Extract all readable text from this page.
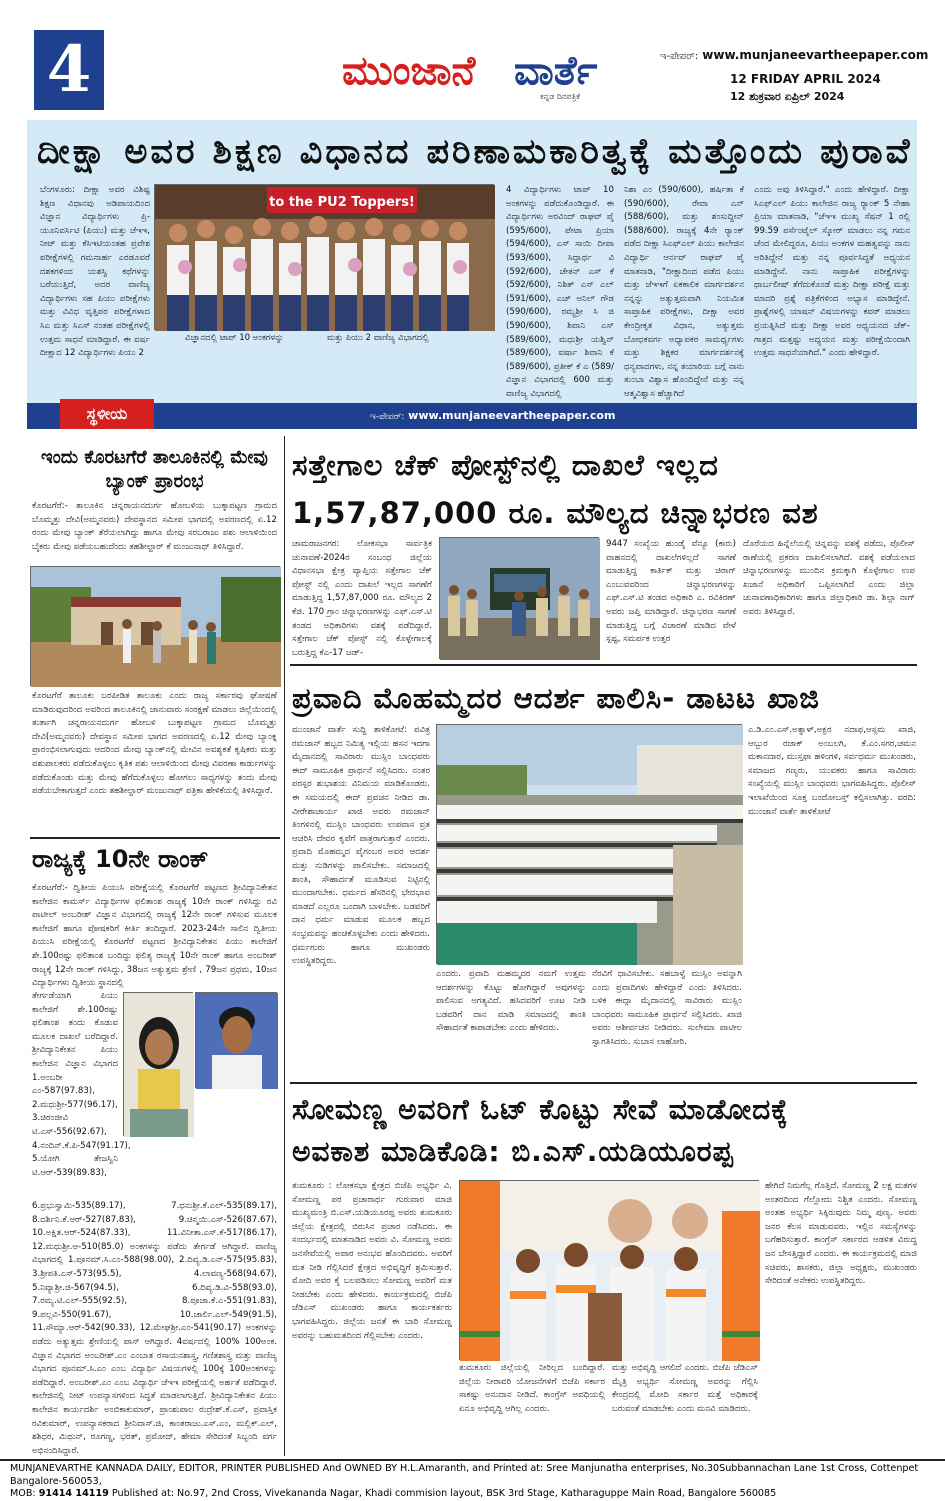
4	ಮುಂಜಾನೆ ವಾರ್ತೆ
ಕನ್ನಡ ದಿನಪತ್ರಿಕೆ
ಇ-ಪೇಪರ್: www.munjaneevartheepaper.com
12 FRIDAY APRIL 2024
12 ಶುಕ್ರವಾರ ಏಪ್ರಿಲ್ 2024
ದೀಕ್ಷಾ ಅವರ ಶಿಕ್ಷಣ ವಿಧಾನದ ಪರಿಣಾಮಕಾರಿತ್ವಕ್ಕೆ ಮತ್ತೊಂದು ಪುರಾವೆ
ಬೆಂಗಳೂರು: ದೀಕ್ಷಾ ಅವರ ವಿಶಿಷ್ಟ ಶಿಕ್ಷಣ ವಿಧಾನವು ಅಡಿಪಾಯದಿಂದ ವಿಜ್ಞಾನ ವಿದ್ಯಾರ್ಥಿಗಳು ಪ್ರಿ-ಯೂನಿವರ್ಸಿಟಿ (ಪಿಯು) ಮತ್ತು ಜೆಇಇ, ನೀಟ್ ಮತ್ತು ಕೆಸಿಇಟಿಯಂತಹ ಪ್ರವೇಶ ಪರೀಕ್ಷೆಗಳಲ್ಲಿ ಗಮನಾರ್ಹ ಎರಡೂವರೆ ದಶಕಗಳಿಂದ ಯಶಸ್ವಿ ಕಥೆಗಳನ್ನು ಬರೆಯುತ್ತಿದೆ, ಅದರ ವಾಣಿಜ್ಯ ವಿದ್ಯಾರ್ಥಿಗಳು ಸಹ ಪಿಯು ಪರೀಕ್ಷೆಗಳು ಮತ್ತು ವಿವಿಧ ವೃತ್ತಿಪರ ಪರೀಕ್ಷೆಗಳಾದ ಸಿಎ ಮತ್ತು ಸಿಎಸ್ ನಂತಹ ಪರೀಕ್ಷೆಗಳಲ್ಲಿ ಉತ್ತಮ ಸಾಧನೆ ಮಾಡಿದ್ದಾರೆ. ಈ ವರ್ಷ ದೀಕ್ಷಾದ 12 ವಿದ್ಯಾರ್ಥಿಗಳು ಪಿಯು 2
to the PU2 Toppers!
ವಿಜ್ಞಾನದಲ್ಲಿ ಟಾಪ್ 10 ಅಂಕಗಳನ್ನು	ಮತ್ತು ಪಿಯು 2 ವಾಣಿಜ್ಯ ವಿಭಾಗದಲ್ಲಿ
4 ವಿದ್ಯಾರ್ಥಿಗಳು ಟಾಪ್ 10 ಅಂಕಗಳನ್ನು ಪಡೆದುಕೊಂಡಿದ್ದಾರೆ. ಈ ವಿದ್ಯಾರ್ಥಿಗಳು ಅರವಿಂದ್ ರಾಘವ್ ಪೈ (595/600), ಪೇಟಾ ಪ್ರಿಯಾ (594/600), ಎಸ್ ಸಾಯಿ ದೀಪಾ (593/600), ಸಿದ್ದಾರ್ಥ ವಿ (592/600), ಚೇತನ್ ಎಸ್ ಕೆ (592/600), ನಿಶಿತ್ ಎಸ್ ಎಲ್ (591/600), ಎಚ್ ಅನಿಲ್ ಗೌಡ (590/600), ರಮ್ಯಶ್ರೀ ಸಿ ಜಿ (590/600), ಶಿವಾನಿ ಎಸ್ (589/600), ಮಧುಶ್ರೀ ಯಶ್ವಿನ್ (589/600), ವರ್ಷಾ ಶಿವಾನಿ ಕೆ (589/600), ಪ್ರತೀಕ್ ಕೆ ಎ (589/ ವಿಜ್ಞಾನ ವಿಭಾಗದಲ್ಲಿ 600 ಮತ್ತು ವಾಣಿಜ್ಯ ವಿಭಾಗದಲ್ಲಿ
ನಿಶಾ ಎಂ (590/600), ಹರ್ಷಿತಾ ಕೆ (590/600), ರೇವಾ ಎನ್ (588/600), ಮತ್ತು ಶಂಸುದ್ದೀನ್ (588/600). ರಾಜ್ಯಕ್ಕೆ 4ನೇ ರ‍್ಯಾಂಕ್ ಪಡೆದ ದೀಕ್ಷಾ ಸಿಎಫ್ಎಲ್ ಪಿಯು ಕಾಲೇಜಿನ ವಿದ್ಯಾರ್ಥಿ ಆರ್ನವ್ ರಾಘವ್ ಪೈ ಮಾತನಾಡಿ, "ದೀಕ್ಷಾದಿಂದ ಪಡೆದ ಪಿಯು ಮತ್ತು ಜೆಇಇಗೆ ಏಕಕಾಲಿಕ ಮಾರ್ಗದರ್ಶನ ನನ್ನನ್ನು ಅತ್ಯುತ್ತಮವಾಗಿ ನಿಯಮಿತ ಸಾಪ್ತಾಹಿಕ ಪರೀಕ್ಷೆಗಳು, ದೀಕ್ಷಾ ಅವರ ಕೇಂದ್ರೀಕೃತ ವಿಧಾನ, ಅತ್ಯುತ್ತಮ ಬೋಧಕವರ್ಗ ಅಧ್ಯಾಪಕರ ಸಾಮರ್ಥ್ಯಗಳು ಮತ್ತು ಶಿಕ್ಷಕರ ಮಾರ್ಗದರ್ಶನಕ್ಕೆ ಧನ್ಯವಾದಗಳು, ನನ್ನ ತಯಾರಿಯ ಬಗ್ಗೆ ನಾನು ತುಂಬಾ ವಿಶ್ವಾಸ ಹೊಂದಿದ್ದೇನೆ ಮತ್ತು ನನ್ನ ಆತ್ಮವಿಶ್ವಾಸ ಹೆಚ್ಚಾಗಿದೆ
ಎಂದು ಅವು ತಿಳಿಸಿದ್ದಾರೆ." ಎಂದು ಹೇಳಿದ್ದಾರೆ. ದೀಕ್ಷಾ ಸಿಎಫ್ಎಲ್ ಪಿಯು ಕಾಲೇಜಿನ ರಾಜ್ಯ ರ‍್ಯಾಂಕ್ 5 ನೇಹಾ ಪ್ರಿಯಾ ಮಾತನಾಡಿ, "ಜೆಇಇ ಮುಖ್ಯ ಸೆಷನ್ 1 ರಲ್ಲಿ 99.59 ಪರ್ಸೆಂಟೈಲ್ ಸ್ಕೋರ್ ಮಾಡಲು ನನ್ನ ಗಮನ ಚೆಂದ ಮೇಲಿದ್ದರೂ, ಪಿಯು ಅಂಕಗಳ ಮಹತ್ವವನ್ನು ನಾನು ಅರಿತಿದ್ದೇನೆ ಮತ್ತು ನನ್ನ ಪೂರ್ವಸಿದ್ಧತೆ ಅಧ್ಯಯನ ಮಾಡಿದ್ದೇನೆ. ನಾನು ಸಾಪ್ತಾಹಿಕ ಪರೀಕ್ಷೆಗಳನ್ನು ಥಾರ್ಬಲೀಷ್ ತೆಗೆದುಕೊಂಡೆ ಮತ್ತು ದೀಕ್ಷಾ ಪರೀಕ್ಷೆ ಮತ್ತು ಮಾದರಿ ಪ್ರಶ್ನೆ ಪತ್ರಿಕೆಗಳಿಂದ ಅಭ್ಯಾಸ ಮಾಡಿದ್ದೇನೆ. ಪ್ರಾಶ್ನೆಗಳಲ್ಲಿ ಯಾಷನ್ ವಿಷಯಗಳನ್ನು ಕವರ್ ಮಾಡಲು ಪ್ರಯತ್ನಿಸಿದೆ ಮತ್ತು ದೀಕ್ಷಾ ಅವರ ಅಧ್ಯಯನದ ಚೆಕ್-ಗಾತ್ರದ ಮತ್ತಷ್ಟು ಅಧ್ಯಯನ ಮತ್ತು ಪರೀಕ್ಷೆಯಿಂದಾಗಿ ಉತ್ತಮ ಸಾಧನೆಯಾಗಿದೆ." ಎಂದು ಹೇಳಿದ್ದಾರೆ.
ಸ್ಥಳೀಯ	ಇ-ಪೇಪರ್: www.munjaneevartheepaper.com
ಇಂದು ಕೊರಟಗೆರೆ ತಾಲೂಕಿನಲ್ಲಿ ಮೇವು ಬ್ಯಾಂಕ್ ಪ್ರಾರಂಭ
ಕೊರಟಗೆರೆ:- ತಾಲೂಕಿನ ಚನ್ನರಾಯನದುರ್ಗ ಹೋಬಳಿಯ ಬುಕ್ಕಾಪಟ್ಟಣ ಗ್ರಾಮದ ಬೊಮ್ಮತ್ತು ದೇವಿ(ಅಮ್ಮನವರು) ದೇವಸ್ಥಾನದ ಸಮೀಪ ಭಾಗದಲ್ಲಿ ಅವರಣದಲ್ಲಿ ಏ.12 ರಂದು ಮೇವು ಬ್ಯಾಂಕ್ ತೆರೆಯಲಾಗಿದ್ದು ಹಾಗೂ ಮೇವು ಸರಬರಾಜು ಪಶು ಆಲಾಳಿಯಿಂದ ಬೈಕರು ಮೇವು ಪಡೆಯಬಹುದೆಂದು ತಹಶೀಲ್ದಾರ್ ಕೆ ಮಂಜುನಾಥ್ ತಿಳಿಸಿದ್ದಾರೆ.
ಕೊರಟಗೆರೆ ತಾಲೂಕು ಬರಪೀಡಿತ ತಾಲೂಕು ಎಂದು ರಾಜ್ಯ ಸರ್ಕಾರವು ಘೋಷಣೆ ಮಾಡಿರುವುದರಿಂದ ಅವರಿಂದ ತಾಲೂಕಿನಲ್ಲಿ ಜಾನುವಾರು ಸಂರಕ್ಷಣೆ ಮಾಡಲು ಜಿಲ್ಲೆಯಿಂದಲ್ಲಿ ತುರ್ತಾಗಿ ಚನ್ನರಾಯನದುರ್ಗ ಹೋಬಳಿ ಬುಕ್ಕಾಪಟ್ಟಣ ಗ್ರಾಮದ ಬೊಮ್ಮತ್ತು ದೇವಿ(ಅಮ್ಮನವರು) ದೇವಸ್ಥಾನ ಸಮೀಪ ಭಾಗದ ಅವರಣದಲ್ಲಿ ಏ.12 ಮೇವು ಬ್ಯಾಂಕ್ನ ಪ್ರಾರಂಭಿಸಲಾಗುವುದು ಆದರಿಂದ ಮೇವು ಬ್ಯಾಂಕ್‌ನಲ್ಲಿ ಮೇವಿನ ಅವಶ್ಯಕತೆ ಕೃಷಿಕರು ಮತ್ತು ಪಶುಪಾಲಕರು ಪಡೆದುಕೊಳ್ಳಲು ಕೃತಿಕ ಪಶು ಆಲಾಳಿಯಿಂದ ಮೇವು ವಿವರಣಾ ಕಾರ್ಡುಗಳನ್ನು ಪಡೆದುಕೊಂಡು ಮತ್ತು ಮೇವು ಹೆಗೆದುಕೊಳ್ಳಲು ಹೋಗಲು ಸಾಧ್ಯಗಳನ್ನು ತಂದು ಮೇವು ಪಡೆಯಬೇಕಾಗುತ್ತದೆ ಎಂದು ತಹಶೀಲ್ದಾರ್ ಮಂಜುನಾಥ್ ಪತ್ರಿಕಾ ಹೇಳಿಕೆಯಲ್ಲಿ ತಿಳಿಸಿದ್ದಾರೆ.
ರಾಜ್ಯಕ್ಕೆ 10ನೇ ರಾಂಕ್
ಕೊರಟಗೆರೆ:- ದ್ವಿತೀಯ ಪಿಯುಸಿ ಪರೀಕ್ಷೆಯಲ್ಲಿ ಕೊರಟಗೆರೆ ಪಟ್ಟಣದ ಶ್ರೀವಿದ್ಯಾನಿಕೇತನ ಕಾಲೇಜಿನ ಕಾಮರ್ಸ್ ವಿದ್ಯಾರ್ಥಿಗಳ ಫಲಿತಾಂಶ ರಾಜ್ಯಕ್ಕೆ 10ನೇ ರಾಂಕ್ ಗಳಿಸಿದ್ದು ರವಿ ಪಾಟೀಲ್ ಅಂಬರೀಶ್ ವಿಜ್ಞಾನ ವಿಭಾಗದಲ್ಲಿ ರಾಜ್ಯಕ್ಕೆ 12ನೇ ರಾಂಕ್ ಗಳಿಸುವ ಮೂಲಕ ಕಾಲೇಜಿಗೆ ಹಾಗೂ ಪೋಷಕರಿಗೆ ಕೀರ್ತಿ ತಂದಿದ್ದಾರೆ. 2023-24ನೇ ಸಾಲಿನ ದ್ವಿತೀಯ ಪಿಯುಸಿ ಪರೀಕ್ಷೆಯಲ್ಲಿ ಕೊರಟಗೆರೆ ಪಟ್ಟಣದ ಶ್ರೀವಿದ್ಯಾನಿಕೇತನ ಪಿಯು ಕಾಲೇಜಿಗೆ ಶೇ.100ರಷ್ಟು ಫಲಿತಾಂಶ ಬಂದಿದ್ದು ಫಲಿತ್ಯ ರಾಜ್ಯಕ್ಕೆ 10ನೇ ರಾಂಕ್ ಹಾಗೂ ಅಂಬರೀಶ್ ರಾಜ್ಯಕ್ಕೆ 12ನೇ ರಾಂಕ್ ಗಳಿಸಿದ್ದು, 38ಜನ ಅತ್ಯುತ್ತಮ ಶ್ರೇಣಿ , 79ಜನ ಪ್ರಥಮ, 10ಜನ ವಿದ್ಯಾರ್ಥಿಗಳು ದ್ವಿತೀಯ ಸ್ಥಾನದಲ್ಲಿ
ತೇರ್ಗಡೆಯಾಗಿ ಪಿಯು ಕಾಲೇಜಿಗೆ ಶೇ.100ರಷ್ಟು ಫಲಿತಾಂಶ ತಂದು ಕೊಡುವ ಮೂಲಕ ದಾಖಲೆ ಬರೆದಿದ್ದಾರೆ. ಶ್ರೀವಿದ್ಯಾನಿಕೇತನ ಪಿಯು ಕಾಲೇಜಿನ ವಿಜ್ಞಾನ ವಿಭಾಗದ 1.ಅಂಬರೀ ಎಂ-587(97.83), 2.ಮಧುಶ್ರೀ-577(96.17), 3.ಚಿರಂಜೀವಿ ಟಿ.ಎಸ್-556(92.67), 4.ನಂದಿನ್.ಕೆ.ಪಿ-547(91.17), 5.ಯೋಗಿ ತೇಜಸ್ವಿನಿ ಟಿ.ಆರ್-539(89.83),
6.ಪ್ರಭುಸ್ವಾಮಿ-535(89.17), 7.ಧನುಶ್ರೀ.ಕೆ.ಎಲ್-535(89.17), 8.ದರ್ಶಿನಿ.ಕೆ.ಆರ್-527(87.83), 9.ಚಿನ್ಮಯಿ.ಎಸ್-526(87.67), 10.ಅಕ್ಷಿತ.ಆರ್-524(87.33), 11.ವಿನೀತಾ.ಎಸ್.ಕೆ-517(86.17), 12.ಮಧುಶ್ರೀ.ಆ-510(85.0) ಅಂಕಗಳನ್ನು ಪಡೆದು ತೇರ್ಗಡೆ ಆಗಿದ್ದಾರೆ. ವಾಣಿಜ್ಯ ವಿಭಾಗದಲ್ಲಿ 1.ಪೂನಮ್.ಸಿ.ಎಂ-588(98.00), 2.ದಿವ್ಯ.ಡಿ.ಎನ್-575(95.83), 3.ಶ್ರೀಪತಿ.ಎಸ್-573(95.5), 4.ಲಾವಣ್ಯ-568(94.67), 5.ನಿವ್ಯಾಶ್ರೀ.ಜಿ-567(94.5), 6.ದಿವ್ಯ.ಡಿ.ವಿ-558(93.0), 7.ರಮ್ಯ.ಟಿ.ಎಲ್-555(92.5), 8.ಪೂಜಾ.ಕೆ.ಎ-551(91.83), 9.ಪಲ್ಲವಿ-550(91.67), 10.ಚಾರ್ಲಿ.ಎಲ್-549(91.5), 11.ಸೌಮ್ಯಾ.ಆರ್-542(90.33), 12.ಮೇಘಶ್ರೀ.ಎಂ-541(90.17) ಅಂಕಗಳನ್ನು ಪಡೆದು ಅತ್ಯುತ್ತಮ ಶ್ರೇಣಿಯಲ್ಲಿ ಪಾಸ್ ಆಗಿದ್ದಾರೆ. 4ವರ್ಷದಲ್ಲಿ 100% 100ಅಂಕ. ವಿಜ್ಞಾನ ವಿಭಾಗದ ಅಂಬರೀಶ್.ಎಂ ಎಂಬಾತ ರಸಾಯನಶಾಸ್ತ್ರ, ಗಣಿತಶಾಸ್ತ್ರ ಮತ್ತು ವಾಣಿಜ್ಯ ವಿಭಾಗದ ಪೂನಮ್.ಸಿ.ಎಂ ಎಂಬ ವಿದ್ಯಾರ್ಥಿ ವಿಷಯಗಳಲ್ಲಿ 100ಕ್ಕೆ 100ಅಂಕಗಳನ್ನು ಪಡೆದಿದ್ದಾರೆ. ಅಂಬರೀಶ್.ಎಂ ಎಂಬ ವಿದ್ಯಾರ್ಥಿ ಜೆಇಇ ಪರೀಕ್ಷೆಯಲ್ಲಿ ಅರ್ಹತೆ ಪಡೆದಿದ್ದಾರೆ. ಕಾಲೇಜಿನಲ್ಲಿ ನೀಟ್ ಉಪನ್ಯಾಸಗಳಿಂದ ಸಿದ್ಧತೆ ಮಾಡಲಾಗುತ್ತಿದೆ. ಶ್ರೀವಿದ್ಯಾನಿಕೇತನ ಪಿಯು ಕಾಲೇಜಿನ ಕಾರ್ಯದರ್ಶಿ ಅಂಬಿಕಾಕುಮಾರ್, ಪ್ರಾಂಶುಪಾಲ ರುದ್ರೇಶ್.ಕೆ.ಎಸ್, ಪ್ರವಾಸ್ತಿಕ ರವಿಕುಮಾರ್, ಉಪನ್ಯಾಸಕರಾದ ಶ್ರೀನಿವಾಸ್.ಜಿ, ಕಾಂತರಾಜು.ಎಸ್.ಎಂ, ಮಲ್ಲಿಕ್.ಎಲ್, ಶಶಿಧರ, ಮಿಥುನ್, ರೂಗಣ್ಣ, ಭರತ್, ಪ್ರಮೋದ್, ಹೇಮಾ ಸೇರಿದಂತೆ ಸಿಬ್ಬಂದಿ ವರ್ಗ ಅಭಿನಂದಿಸಿದ್ದಾರೆ.
ಸತ್ತೇಗಾಲ ಚೆಕ್ ಪೋಸ್ಟ್‌ನಲ್ಲಿ ದಾಖಲೆ ಇಲ್ಲದ
1,57,87,000 ರೂ. ಮೌಲ್ಯದ ಚಿನ್ನಾಭರಣ ವಶ
ಚಾಮರಾಜನಗರ: ಲೋಕಸಭಾ ಸಾರ್ವತ್ರಿಕ ಚುನಾವಣೆ-2024ರ ಸಂಬಂಧ ಜಿಲ್ಲೆಯ ವಿಧಾನಸಭಾ ಕ್ಷೇತ್ರ ವ್ಯಾಪ್ತಿಯ ಸತ್ತೇಗಾಲ ಚೆಕ್ ಪೋಸ್ಟ್ ನಲ್ಲಿ ಎಂದು ದಾಖಲೆ ಇಲ್ಲದ ಸಾಗಣೆಗೆ ಮಾಡುತ್ತಿದ್ದ 1,57,87,000 ರೂ. ಮೌಲ್ಯದ 2 ಕೆಜಿ. 170 ಗ್ರಾಂ ಚಿನ್ನಾಭರಣಗಳನ್ನು ಎಫ್.ಎಸ್.ಟಿ ತಂಡದ ಅಧಿಕಾರಿಗಳು ವಶಕ್ಕೆ ಪಡೆದಿದ್ದಾರೆ. ಸತ್ತೇಗಾಲ ಚೆಕ್ ಪೋಸ್ಟ್ ನಲ್ಲಿ ಕೊಳ್ಳೇಗಾಲಕ್ಕೆ ಬರುತ್ತಿದ್ದ ಕೆಎ-17 ಜಡ್-
9447 ಸಂಖ್ಯೆಯ ಹುಂಡೈ ವೆನ್ಯೂ (ಕಾರು) ವಾಹನದಲ್ಲಿ ದಾಖಲೆಗಳಿಲ್ಲದೆ ಸಾಗಣೆ ಮಾಡುತ್ತಿದ್ದ ಕಾರ್ತಿಕ್ ಮತ್ತು ಚಿರಾಗ್ ಎಂಬುವವರಿಂದ ಚಿನ್ನಾಭರಣಗಳನ್ನು ಎಫ್.ಎಸ್.ಟಿ ತಂಡದ ಅಧಿಕಾರಿ ಎ. ರವಿಕಿರಣ್ ಅವರು ಜಪ್ತಿ ಮಾಡಿದ್ದಾರೆ. ಚಿನ್ನಾಭರಣ ಸಾಗಣೆ ಮಾಡುತ್ತಿದ್ದ ಬಗ್ಗೆ ವಿಚಾರಣೆ ಮಾಡಿದ ವೇಳೆ ಸ್ಪಷ್ಟ, ಸಮರ್ಪಕ ಉತ್ತರ
ದೊರೆಯದ ಹಿನ್ನೆಲೆಯಲ್ಲಿ ಚಿನ್ನವನ್ನು ವಶಕ್ಕೆ ಪಡೆದು, ಪೊಲೀಸ್ ಠಾಣೆಯಲ್ಲಿ ಪ್ರಕರಣ ದಾಖಲಿಸಲಾಗಿದೆ. ವಶಕ್ಕೆ ಪಡೆಯಲಾದ ಚಿನ್ನಾಭರಣಗಳನ್ನು ಮುಂದಿನ ಕ್ರಮಕ್ಕಾಗಿ ಕೊಳ್ಳೇಗಾಲ ಉಪ ಖಜಾನೆ ಅಧಿಕಾರಿಗೆ ಒಪ್ಪಿಸಲಾಗಿದೆ ಎಂದು ಜಿಲ್ಲಾ ಚುನಾವಣಾಧಿಕಾರಿಗಳು ಹಾಗೂ ಜಿಲ್ಲಾಧಿಕಾರಿ ಡಾ. ಶಿಲ್ಪಾ ನಾಗ್ ಅವರು ತಿಳಿಸಿದ್ದಾರೆ.
ಪ್ರವಾದಿ ಮೊಹಮ್ಮದರ ಆದರ್ಶ ಪಾಲಿಸಿ- ಡಾಟಟ ಖಾಜಿ
ಮುಂಜಾನೆ ವಾರ್ತೆ ಸುದ್ದಿ ತಾಳಿಕೋಟೆ: ಪವಿತ್ರ ರಮಜಾನ್ ಹಬ್ಬದ ನಿಮಿತ್ಯ ಇಲ್ಲಿಯ ಹಸನ ಇದಗಾ ಮೈದಾನದಲ್ಲಿ ಸಾವಿರಾರು ಮುಸ್ಲಿಂ ಬಾಂಧವರು ಈದ್ ಸಾಮೂಹಿಕ ಪ್ರಾರ್ಥನೆ ಸಲ್ಲಿಸಿದರು. ನಂತರ ಪರಸ್ಪರ ಶುಭಾಶಯ ವಿನಿಮಯ ಮಾಡಿಕೊಂಡರು. ಈ ಸಮಯದಲ್ಲಿ ಈದ್ ಪ್ರವಚನ ನೀಡಿದ ಡಾ. ವೀರೇಶಾಚಾರ್ಯ ಖಾಜಿ ಅವರು ರಮಜಾನ್ ತಿಂಗಳಿನಲ್ಲಿ ಮುಸ್ಲಿಂ ಬಾಂಧವರು ಉಪವಾಸ ವ್ರತ ಆಚರಿಸಿ ದೇವರ ಕೃಪೆಗೆ ಪಾತ್ರರಾಗುತ್ತಾರೆ ಎಂದರು. ಪ್ರವಾದಿ ಮೊಹಮ್ಮದ ಪೈಗಂಬರ ಅವರ ಆದರ್ಶ ಮತ್ತು ನುಡಿಗಳನ್ನು ಪಾಲಿಸಬೇಕು. ಸಮಾಜದಲ್ಲಿ ಶಾಂತಿ, ಸೌಹಾರ್ದತೆ ಮೂಡಿಸುವ ನಿಟ್ಟಿನಲ್ಲಿ ಮುಂದಾಗಬೇಕು. ಧರ್ಮದ ಹೆಸರಿನಲ್ಲಿ ಭೇದಭಾವ ಮಾಡದೆ ಎಲ್ಲರೂ ಒಂದಾಗಿ ಬಾಳಬೇಕು. ಬಡವರಿಗೆ ದಾನ ಧರ್ಮ ಮಾಡುವ ಮೂಲಕ ಹಬ್ಬದ ಸಂಭ್ರಮವನ್ನು ಹಂಚಿಕೊಳ್ಳಬೇಕು ಎಂದು ಹೇಳಿದರು. ಧರ್ಮಗುರು ಹಾಗೂ ಮುಖಂಡರು ಉಪಸ್ಥಿತರಿದ್ದರು.
ಎ.ಡಿ.ಎಂ.ಎಸ್.ಅತ್ನಾಳ್,ಅಕ್ಬರ ನದಾಫ,ಆಸ್ಲಮ ಖಾಜಿ, ಆಬ್ಬುರ ರಜಾಕ್ ಅಂಬಲಗಿ, ಕೆ.ಎಂ.ಸಗರ,ಚಮನ ಮಕಾನದಾರ, ಮುಸ್ತಫಾ ಹಳಿಂಗಳಿ, ಸರ್ವಧರ್ಮ ಮುಖಂಡರು, ಸಮಾಜದ ಗಣ್ಯರು, ಯುವಕರು ಹಾಗೂ ಸಾವಿರಾರು ಸಂಖ್ಯೆಯಲ್ಲಿ ಮುಸ್ಲಿಂ ಬಾಂಧವರು ಭಾಗವಹಿಸಿದ್ದರು. ಪೊಲೀಸ್ ಇಲಾಖೆಯಿಂದ ಸೂಕ್ತ ಬಂದೋಬಸ್ತ್ ಕಲ್ಪಿಸಲಾಗಿತ್ತು. ವರದಿ: ಮುಂಜಾನೆ ವಾರ್ತೆ ತಾಳಿಕೋಟೆ
ಎಂದರು. ಪ್ರವಾದಿ ಮಹಮ್ಮದರ ನಮಗೆ ಉತ್ತಮ ಆದರ್ಶಗಳನ್ನು ಕೊಟ್ಟು ಹೋಗಿದ್ದಾರೆ ಅವುಗಳನ್ನು ಪಾಲಿಸುವ ಅಗತ್ಯವಿದೆ. ಹಸಿದವರಿಗೆ ಊಟ ನೀಡಿ ಬಡವರಿಗೆ ದಾನ ಮಾಡಿ ಸಮಾಜದಲ್ಲಿ ಶಾಂತಿ ಸೌಹಾರ್ದತೆ ಕಾಪಾಡಬೇಕು ಎಂದು ಹೇಳಿದರು.
ನೆರವಿಗೆ ಧಾವಿಸಬೇಕು. ಸಹಬಾಳ್ವೆ ಮುಸ್ಲಿಂ ಅವನ್ನಾಗಿ ಎಂದು ಪ್ರವಾದಿಗಳು ಹೇಳಿದ್ದಾರೆ ಎಂದು ತಿಳಿಸಿದರು. ಬಳಿಕ ಈದ್ಗಾ ಮೈದಾನದಲ್ಲಿ ಸಾವಿರಾರು ಮುಸ್ಲಿಂ ಬಾಂಧವರು ಸಾಮೂಹಿಕ ಪ್ರಾರ್ಥನೆ ಸಲ್ಲಿಸಿದರು. ಖಾಜಿ ಅವರು ಆಶೀರ್ವಚನ ನೀಡಿದರು. ಸುಲೇಮಾ ಪಾಟೀಲ ಸ್ವಾಗತಿಸಿದರು. ಸುಬಾಸ ಲಾಹೋರಿ.
ಸೋಮಣ್ಣ ಅವರಿಗೆ ಓಟ್ ಕೊಟ್ಟು ಸೇವೆ ಮಾಡೋದಕ್ಕೆ
ಅವಕಾಶ ಮಾಡಿಕೊಡಿ: ಬಿ.ಎಸ್.ಯಡಿಯೂರಪ್ಪ
ತುಮಕೂರು : ಲೋಕಸಭಾ ಕ್ಷೇತ್ರದ ಬಿಜೆಪಿ ಅಭ್ಯರ್ಥಿ ವಿ. ಸೋಮಣ್ಣ ಪರ ಪ್ರಚಾರಾರ್ಥ ಗುರುವಾರ ಮಾಜಿ ಮುಖ್ಯಮಂತ್ರಿ ಬಿ.ಎಸ್.ಯಡಿಯೂರಪ್ಪ ಅವರು ತುಮಕೂರು ಜಿಲ್ಲೆಯ ಕ್ಷೇತ್ರದಲ್ಲಿ ಬಿರುಸಿನ ಪ್ರಚಾರ ನಡೆಸಿದರು. ಈ ಸಂದರ್ಭದಲ್ಲಿ ಮಾತನಾಡಿದ ಅವರು ವಿ. ಸೋಮಣ್ಣ ಅವರು ಜನಸೇವೆಯಲ್ಲಿ ಅಪಾರ ಅನುಭವ ಹೊಂದಿದವರು. ಅವರಿಗೆ ಮತ ನೀಡಿ ಗೆಲ್ಲಿಸಿದರೆ ಕ್ಷೇತ್ರದ ಅಭಿವೃದ್ಧಿಗೆ ಶ್ರಮಿಸುತ್ತಾರೆ. ಮೋದಿ ಅವರ ಕೈ ಬಲಪಡಿಸಲು ಸೋಮಣ್ಣ ಅವರಿಗೆ ಮತ ನೀಡಬೇಕು ಎಂದು ಹೇಳಿದರು. ಕಾರ್ಯಕ್ರಮದಲ್ಲಿ ಬಿಜೆಪಿ ಜೆಡಿಎಸ್ ಮುಖಂಡರು ಹಾಗೂ ಕಾರ್ಯಕರ್ತರು ಭಾಗವಹಿಸಿದ್ದರು. ಜಿಲ್ಲೆಯ ಜನತೆ ಈ ಬಾರಿ ಸೋಮಣ್ಣ ಅವರನ್ನು ಬಹುಮತದಿಂದ ಗೆಲ್ಲಿಸಬೇಕು ಎಂದರು.
ತುಮಕೂರು ಜಿಲ್ಲೆಯಲ್ಲಿ ನೀರಿಲ್ಲದ ಬಂದಿದ್ದಾರೆ. ಜಿಲ್ಲೆಯ ನೀರಾವರಿ ಯೋಜನೆಗಳಿಗೆ ಬಿಜೆಪಿ ಸರ್ಕಾರ ಸಾಕಷ್ಟು ಅನುದಾನ ನೀಡಿದೆ. ಕಾಂಗ್ರೆಸ್ ಅವಧಿಯಲ್ಲಿ ಏನೂ ಅಭಿವೃದ್ಧಿ ಆಗಿಲ್ಲ ಎಂದರು.
ಮತ್ತು ಅಭಿವೃದ್ಧಿ ಆಗಲಿದೆ ಎಂದರು. ಬಿಜೆಪಿ ಜೆಡಿಎಸ್ ಮೈತ್ರಿ ಅಭ್ಯರ್ಥಿ ಸೋಮಣ್ಣ ಅವರನ್ನು ಗೆಲ್ಲಿಸಿ ಕೇಂದ್ರದಲ್ಲಿ ಮೋದಿ ಸರ್ಕಾರ ಮತ್ತೆ ಅಧಿಕಾರಕ್ಕೆ ಬರುವಂತೆ ಮಾಡಬೇಕು ಎಂದು ಮನವಿ ಮಾಡಿದರು.
ಹೇಗಿದೆ ನಿಮಗೆಲ್ಲ ಗೊತ್ತಿದೆ. ಸೋಮಣ್ಣ 2 ಲಕ್ಷ ಮತಗಳ ಅಂತರದಿಂದ ಗೆಲ್ಲೋದು ನಿಶ್ಚಿತ ಎಂದರು. ಸೋಮಣ್ಣ ಅಂತಹ ಅಭ್ಯರ್ಥಿ ಸಿಕ್ಕಿರುವುದು ನಿಮ್ಮ ಪುಣ್ಯ. ಅವರು ಜನರ ಕೆಲಸ ಮಾಡುವವರು. ಇಲ್ಲಿನ ಸಮಸ್ಯೆಗಳನ್ನು ಬಗೆಹರಿಸುತ್ತಾರೆ. ಕಾಂಗ್ರೆಸ್ ಸರ್ಕಾರದ ಆಡಳಿತ ವಿರುದ್ಧ ಜನ ಬೇಸತ್ತಿದ್ದಾರೆ ಎಂದರು. ಈ ಕಾರ್ಯಕ್ರಮದಲ್ಲಿ ಮಾಜಿ ಸಚಿವರು, ಶಾಸಕರು, ಜಿಲ್ಲಾ ಅಧ್ಯಕ್ಷರು, ಮುಖಂಡರು ಸೇರಿದಂತೆ ಅನೇಕರು ಉಪಸ್ಥಿತರಿದ್ದರು.
MUNJANEVARTHE KANNADA DAILY, EDITOR, PRINTER PUBLISHED And OWNED BY H.L.Amaranth, and Printed at: Sree Manjunatha enterprises, No.30Subbannachan Lane 1st Cross, Cottenpet Bangalore-560053,
MOB: 91414 14119 Published at: No.97, 2nd Cross, Vivekananda Nagar, Khadi commision layout, BSK 3rd Stage, Katharaguppe Main Road, Bangalore 560085
